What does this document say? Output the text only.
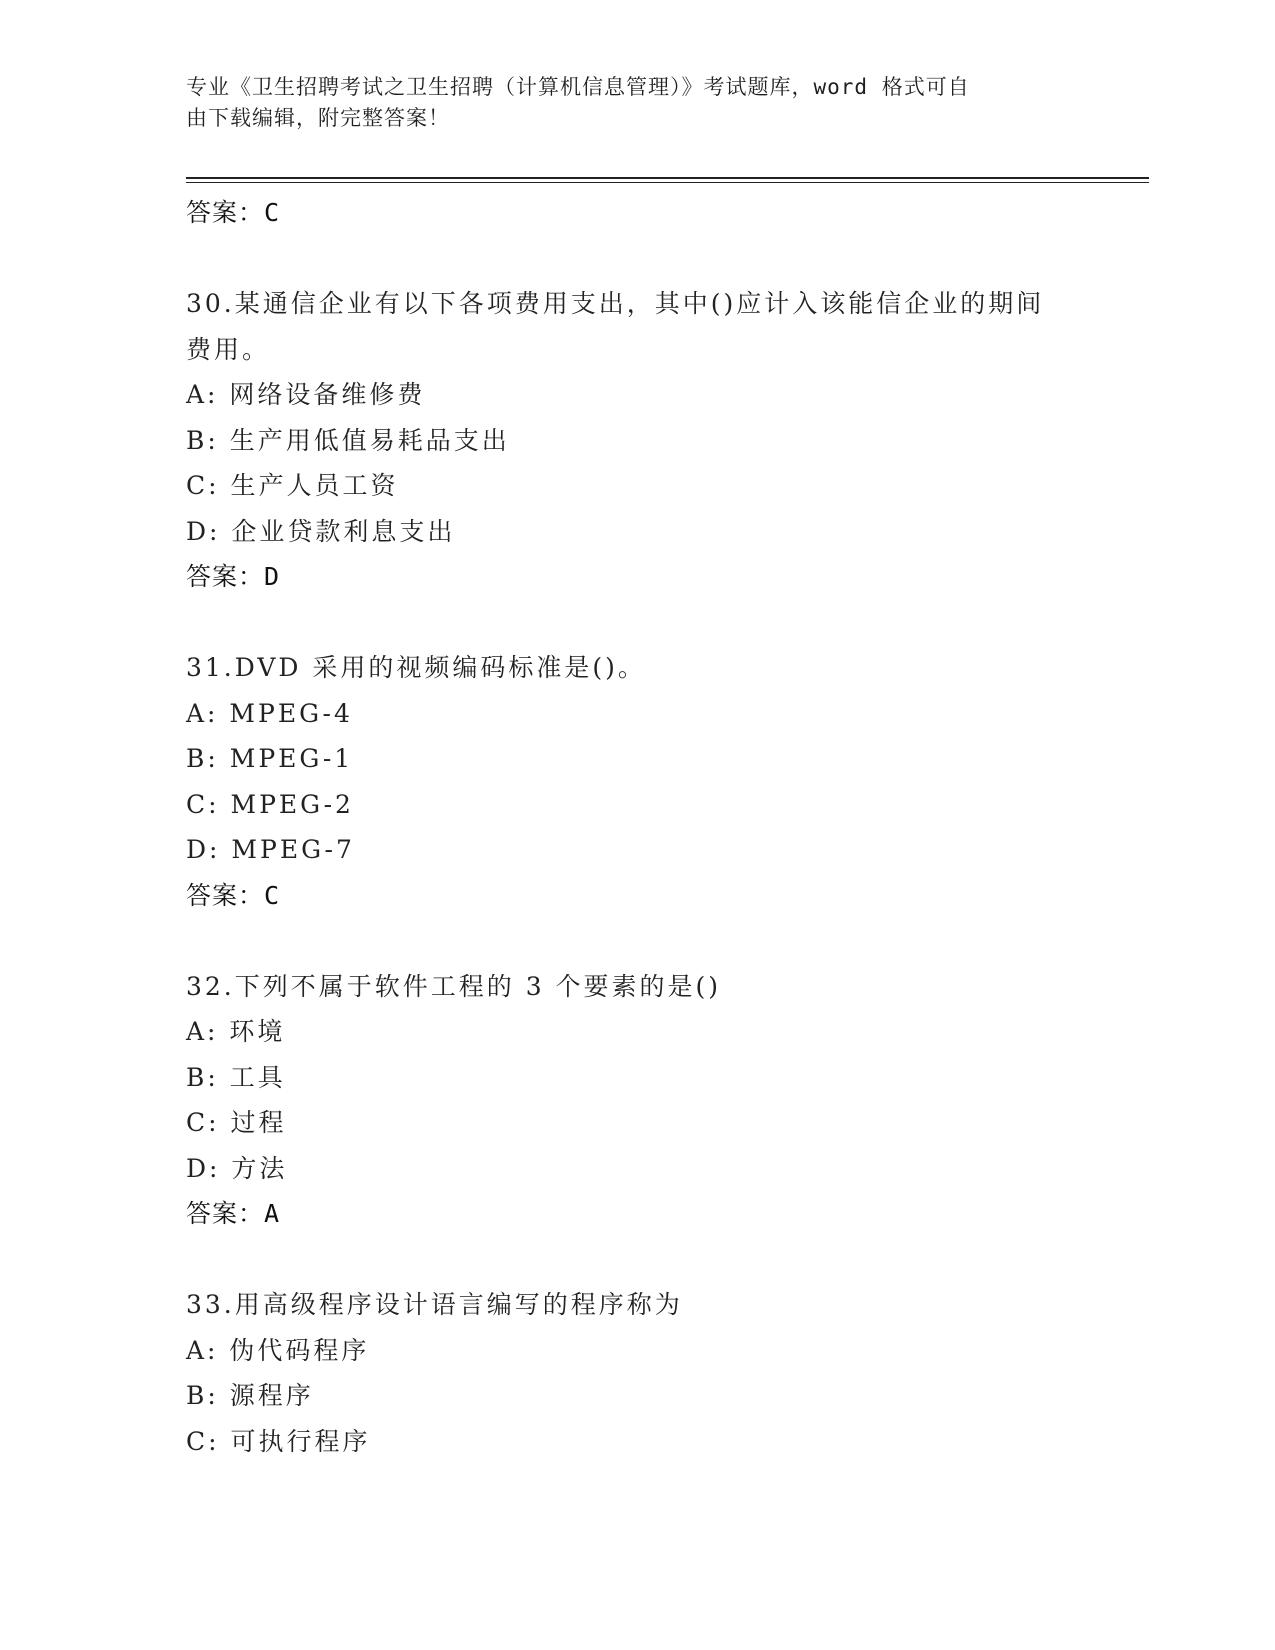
专业《卫生招聘考试之卫生招聘（计算机信息管理）》考试题库，word 格式可自
由下载编辑，附完整答案！
答案：C
30.某通信企业有以下各项费用支出，其中()应计入该能信企业的期间
费用。
A: 网络设备维修费
B: 生产用低值易耗品支出
C: 生产人员工资
D: 企业贷款利息支出
答案：D
31.DVD 采用的视频编码标准是()。
A: MPEG-4
B: MPEG-1
C: MPEG-2
D: MPEG-7
答案：C
32.下列不属于软件工程的 3 个要素的是()
A: 环境
B: 工具
C: 过程
D: 方法
答案：A
33.用高级程序设计语言编写的程序称为
A: 伪代码程序
B: 源程序
C: 可执行程序
